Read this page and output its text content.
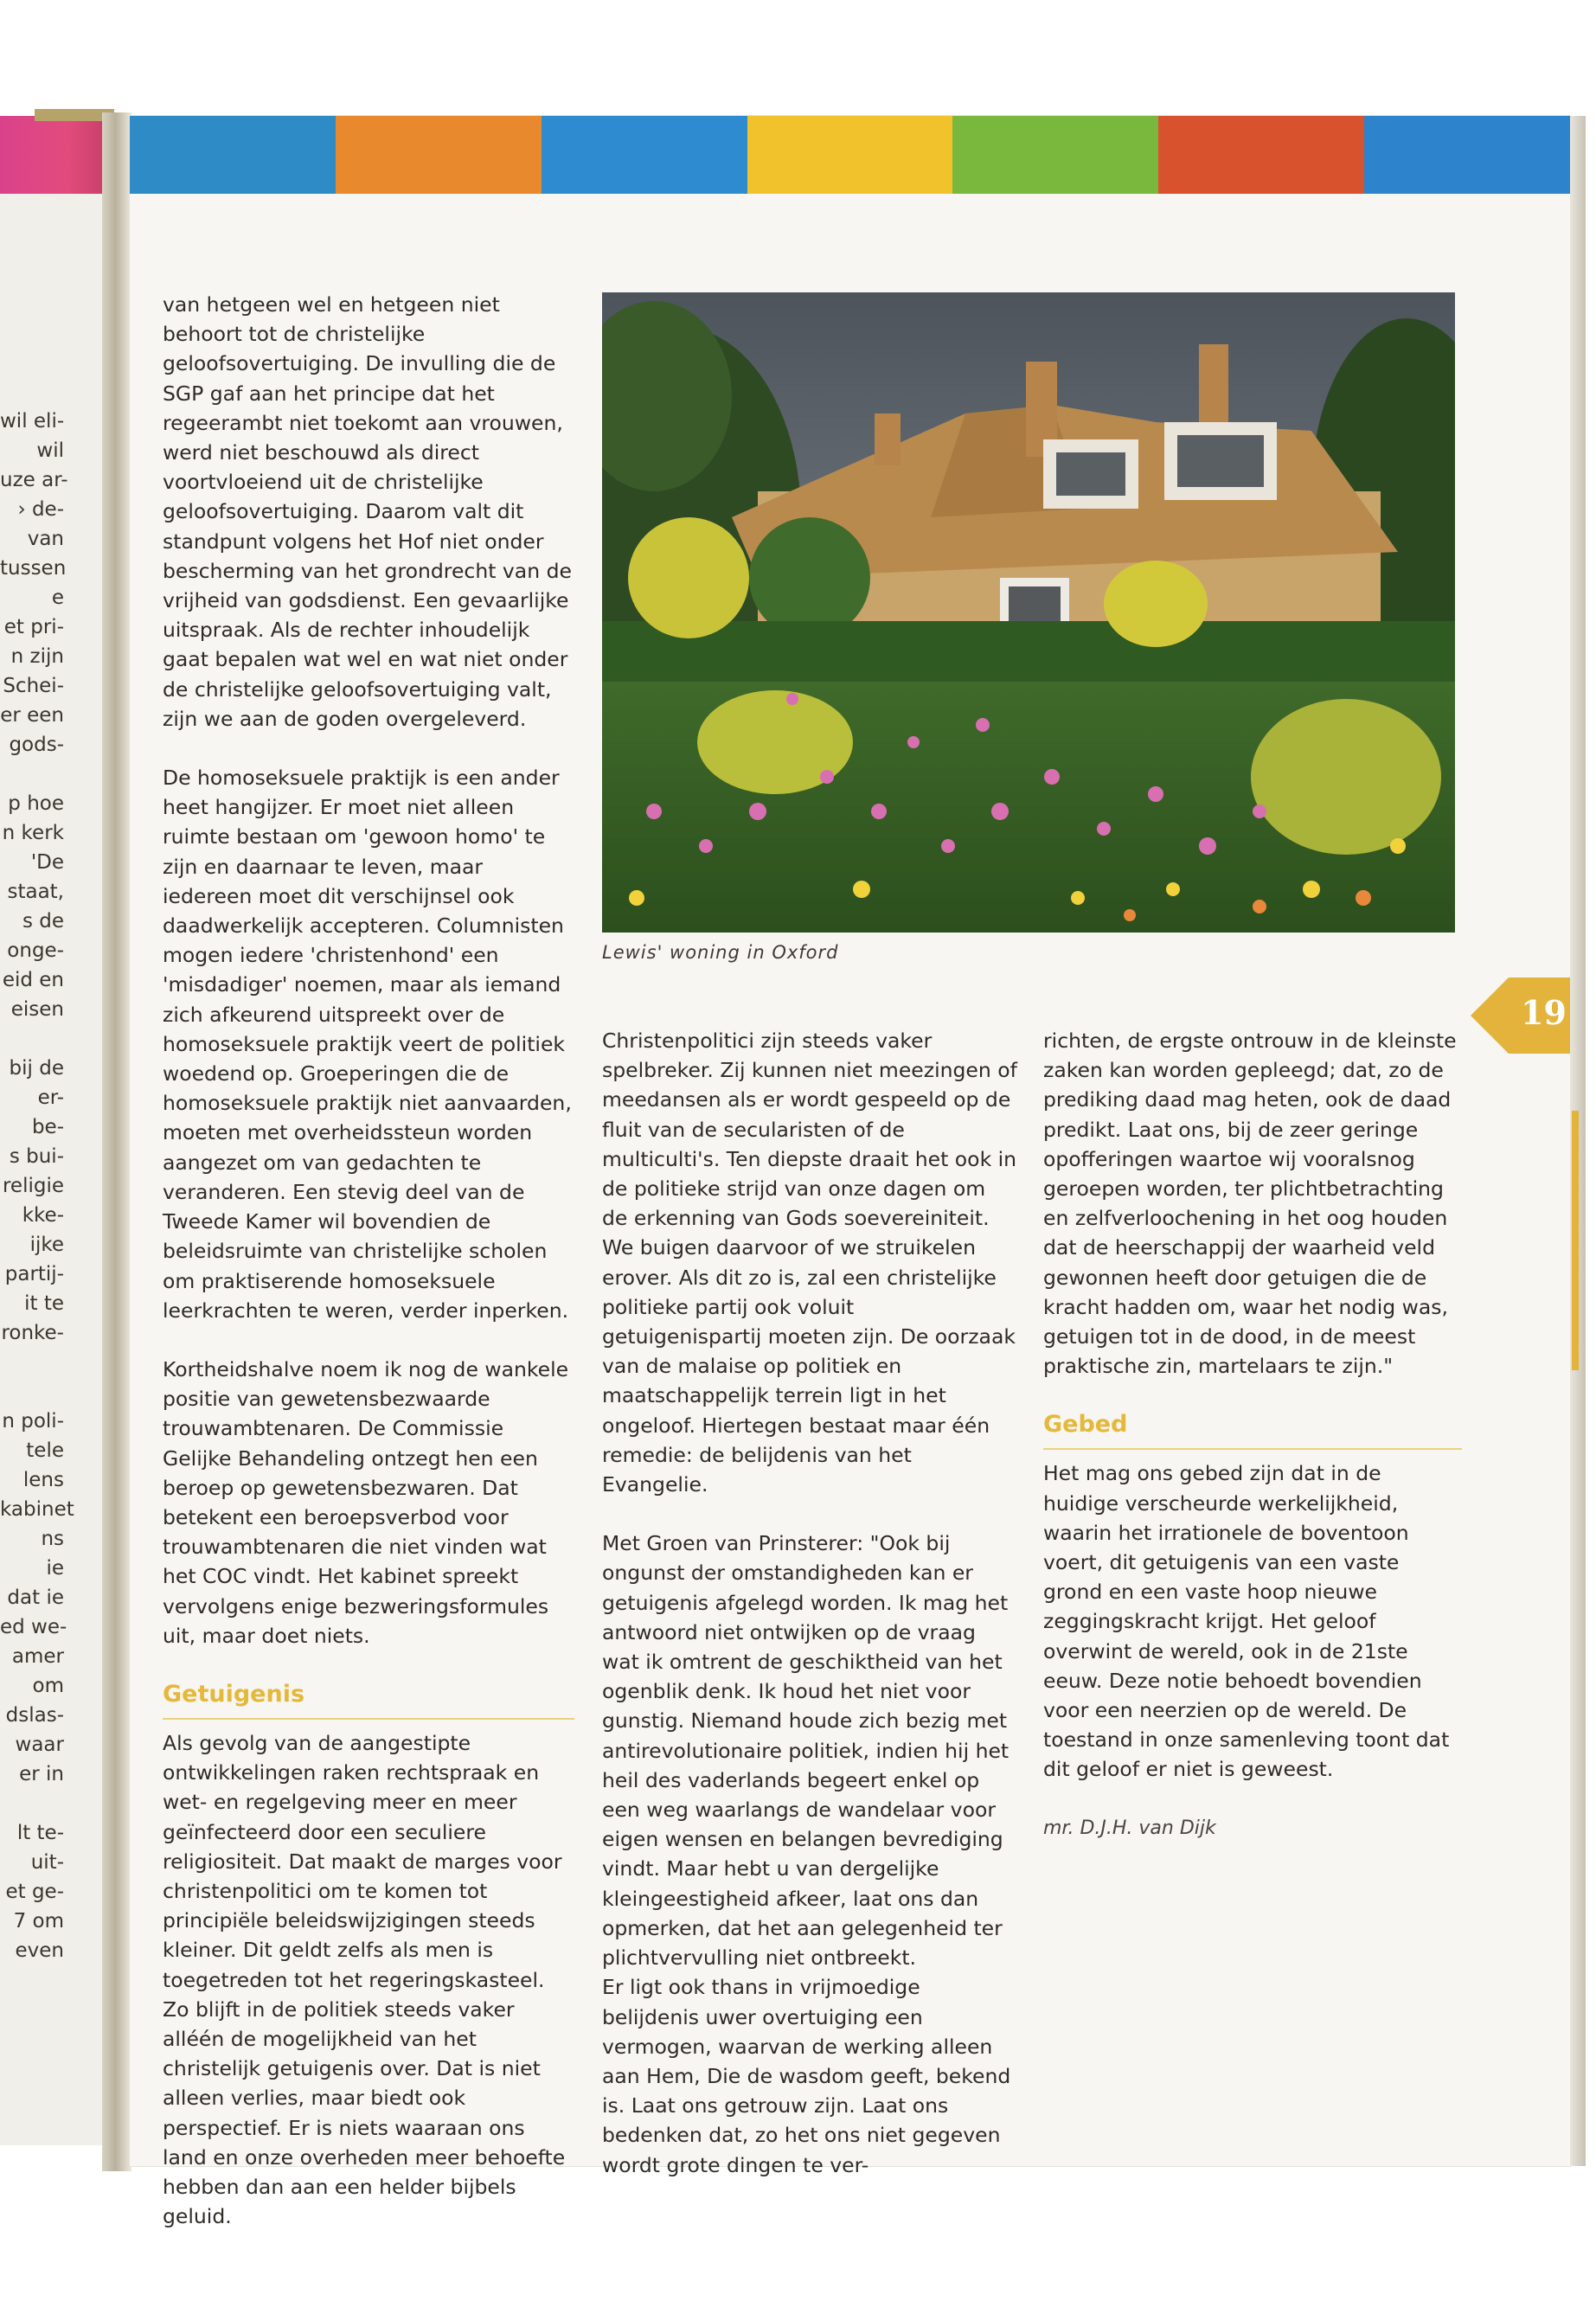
wil eli-
wil
uze ar-
› de-
van
tussen
e
et pri-
n zijn
Schei-
er een
gods-

p hoe
n kerk
'De
staat,
s de
onge-
eid en
eisen

bij de
er-
be-
s bui-
religie
kke-
ijke
partij-
it te
ronke-

n poli-
tele
lens
kabinet
ns
ie
dat ie
ed we-
amer
om
dslas-
waar
er in

lt te-
uit-
et ge-
7 om
even

van hetgeen wel en hetgeen niet behoort tot de christelijke geloofsovertuiging. De invulling die de SGP gaf aan het principe dat het regeerambt niet toekomt aan vrouwen, werd niet beschouwd als direct voortvloeiend uit de christelijke geloofsovertuiging. Daarom valt dit standpunt volgens het Hof niet onder bescherming van het grondrecht van de vrijheid van godsdienst. Een gevaarlijke uitspraak. Als de rechter inhoudelijk gaat bepalen wat wel en wat niet onder de christelijke geloofsovertuiging valt, zijn we aan de goden overgeleverd.

De homoseksuele praktijk is een ander heet hangijzer. Er moet niet alleen ruimte bestaan om 'gewoon homo' te zijn en daarnaar te leven, maar iedereen moet dit verschijnsel ook daadwerkelijk accepteren. Columnisten mogen iedere 'christenhond' een 'misdadiger' noemen, maar als iemand zich afkeurend uitspreekt over de homoseksuele praktijk veert de politiek woedend op. Groeperingen die de homoseksuele praktijk niet aanvaarden, moeten met overheidssteun worden aangezet om van gedachten te veranderen. Een stevig deel van de Tweede Kamer wil bovendien de beleidsruimte van christelijke scholen om praktiserende homoseksuele leerkrachten te weren, verder inperken.

Kortheidshalve noem ik nog de wankele positie van gewetensbezwaarde trouwambtenaren. De Commissie Gelijke Behandeling ontzegt hen een beroep op gewetensbezwaren. Dat betekent een beroepsverbod voor trouwambtenaren die niet vinden wat het COC vindt. Het kabinet spreekt vervolgens enige bezweringsformules uit, maar doet niets.

Getuigenis

Als gevolg van de aangestipte ontwikkelingen raken rechtspraak en wet- en regelgeving meer en meer geïnfecteerd door een seculiere religiositeit. Dat maakt de marges voor christenpolitici om te komen tot principiële beleidswijzigingen steeds kleiner. Dit geldt zelfs als men is toegetreden tot het regeringskasteel. Zo blijft in de politiek steeds vaker alléén de mogelijkheid van het christelijk getuigenis over. Dat is niet alleen verlies, maar biedt ook perspectief. Er is niets waaraan ons land en onze overheden meer behoefte hebben dan aan een helder bijbels geluid.

Lewis' woning in Oxford
19

Christenpolitici zijn steeds vaker spelbreker. Zij kunnen niet meezingen of meedansen als er wordt gespeeld op de fluit van de secularisten of de multiculti's. Ten diepste draait het ook in de politieke strijd van onze dagen om de erkenning van Gods soevereiniteit. We buigen daarvoor of we struikelen erover. Als dit zo is, zal een christelijke politieke partij ook voluit getuigenispartij moeten zijn. De oorzaak van de malaise op politiek en maatschappelijk terrein ligt in het ongeloof. Hiertegen bestaat maar één remedie: de belijdenis van het Evangelie.

Met Groen van Prinsterer: "Ook bij ongunst der omstandigheden kan er getuigenis afgelegd worden. Ik mag het antwoord niet ontwijken op de vraag wat ik omtrent de geschiktheid van het ogenblik denk. Ik houd het niet voor gunstig. Niemand houde zich bezig met antirevolutionaire politiek, indien hij het heil des vaderlands begeert enkel op een weg waarlangs de wandelaar voor eigen wensen en belangen bevrediging vindt. Maar hebt u van dergelijke kleingeestigheid afkeer, laat ons dan opmerken, dat het aan gelegenheid ter plichtvervulling niet ontbreekt.

Er ligt ook thans in vrijmoedige belijdenis uwer overtuiging een vermogen, waarvan de werking alleen aan Hem, Die de wasdom geeft, bekend is. Laat ons getrouw zijn. Laat ons bedenken dat, zo het ons niet gegeven wordt grote dingen te ver-

richten, de ergste ontrouw in de kleinste zaken kan worden gepleegd; dat, zo de prediking daad mag heten, ook de daad predikt. Laat ons, bij de zeer geringe opofferingen waartoe wij vooralsnog geroepen worden, ter plichtbetrachting en zelfverloochening in het oog houden dat de heerschappij der waarheid veld gewonnen heeft door getuigen die de kracht hadden om, waar het nodig was, getuigen tot in de dood, in de meest praktische zin, martelaars te zijn."

Gebed

Het mag ons gebed zijn dat in de huidige verscheurde werkelijkheid, waarin het irrationele de boventoon voert, dit getuigenis van een vaste grond en een vaste hoop nieuwe zeggingskracht krijgt. Het geloof overwint de wereld, ook in de 21ste eeuw. Deze notie behoedt bovendien voor een neerzien op de wereld. De toestand in onze samenleving toont dat dit geloof er niet is geweest.

mr. D.J.H. van Dijk
